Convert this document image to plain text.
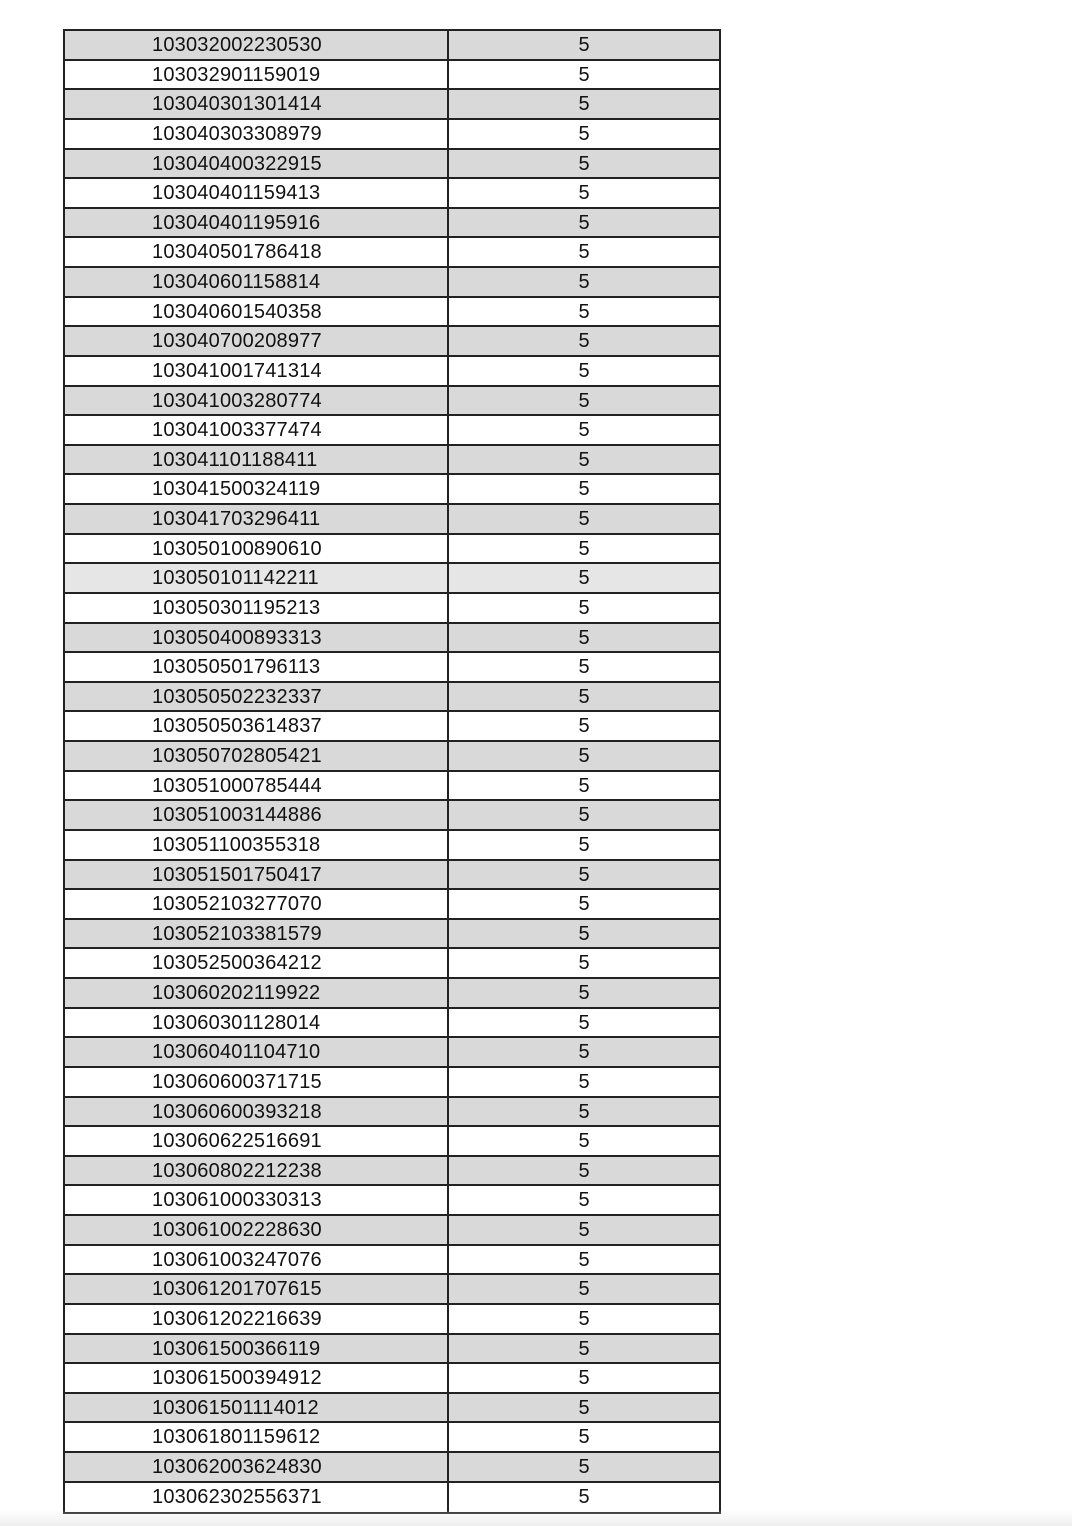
103032002230530	5
103032901159019	5
103040301301414	5
103040303308979	5
103040400322915	5
103040401159413	5
103040401195916	5
103040501786418	5
103040601158814	5
103040601540358	5
103040700208977	5
103041001741314	5
103041003280774	5
103041003377474	5
103041101188411	5
103041500324119	5
103041703296411	5
103050100890610	5
103050101142211	5
103050301195213	5
103050400893313	5
103050501796113	5
103050502232337	5
103050503614837	5
103050702805421	5
103051000785444	5
103051003144886	5
103051100355318	5
103051501750417	5
103052103277070	5
103052103381579	5
103052500364212	5
103060202119922	5
103060301128014	5
103060401104710	5
103060600371715	5
103060600393218	5
103060622516691	5
103060802212238	5
103061000330313	5
103061002228630	5
103061003247076	5
103061201707615	5
103061202216639	5
103061500366119	5
103061500394912	5
103061501114012	5
103061801159612	5
103062003624830	5
103062302556371	5
